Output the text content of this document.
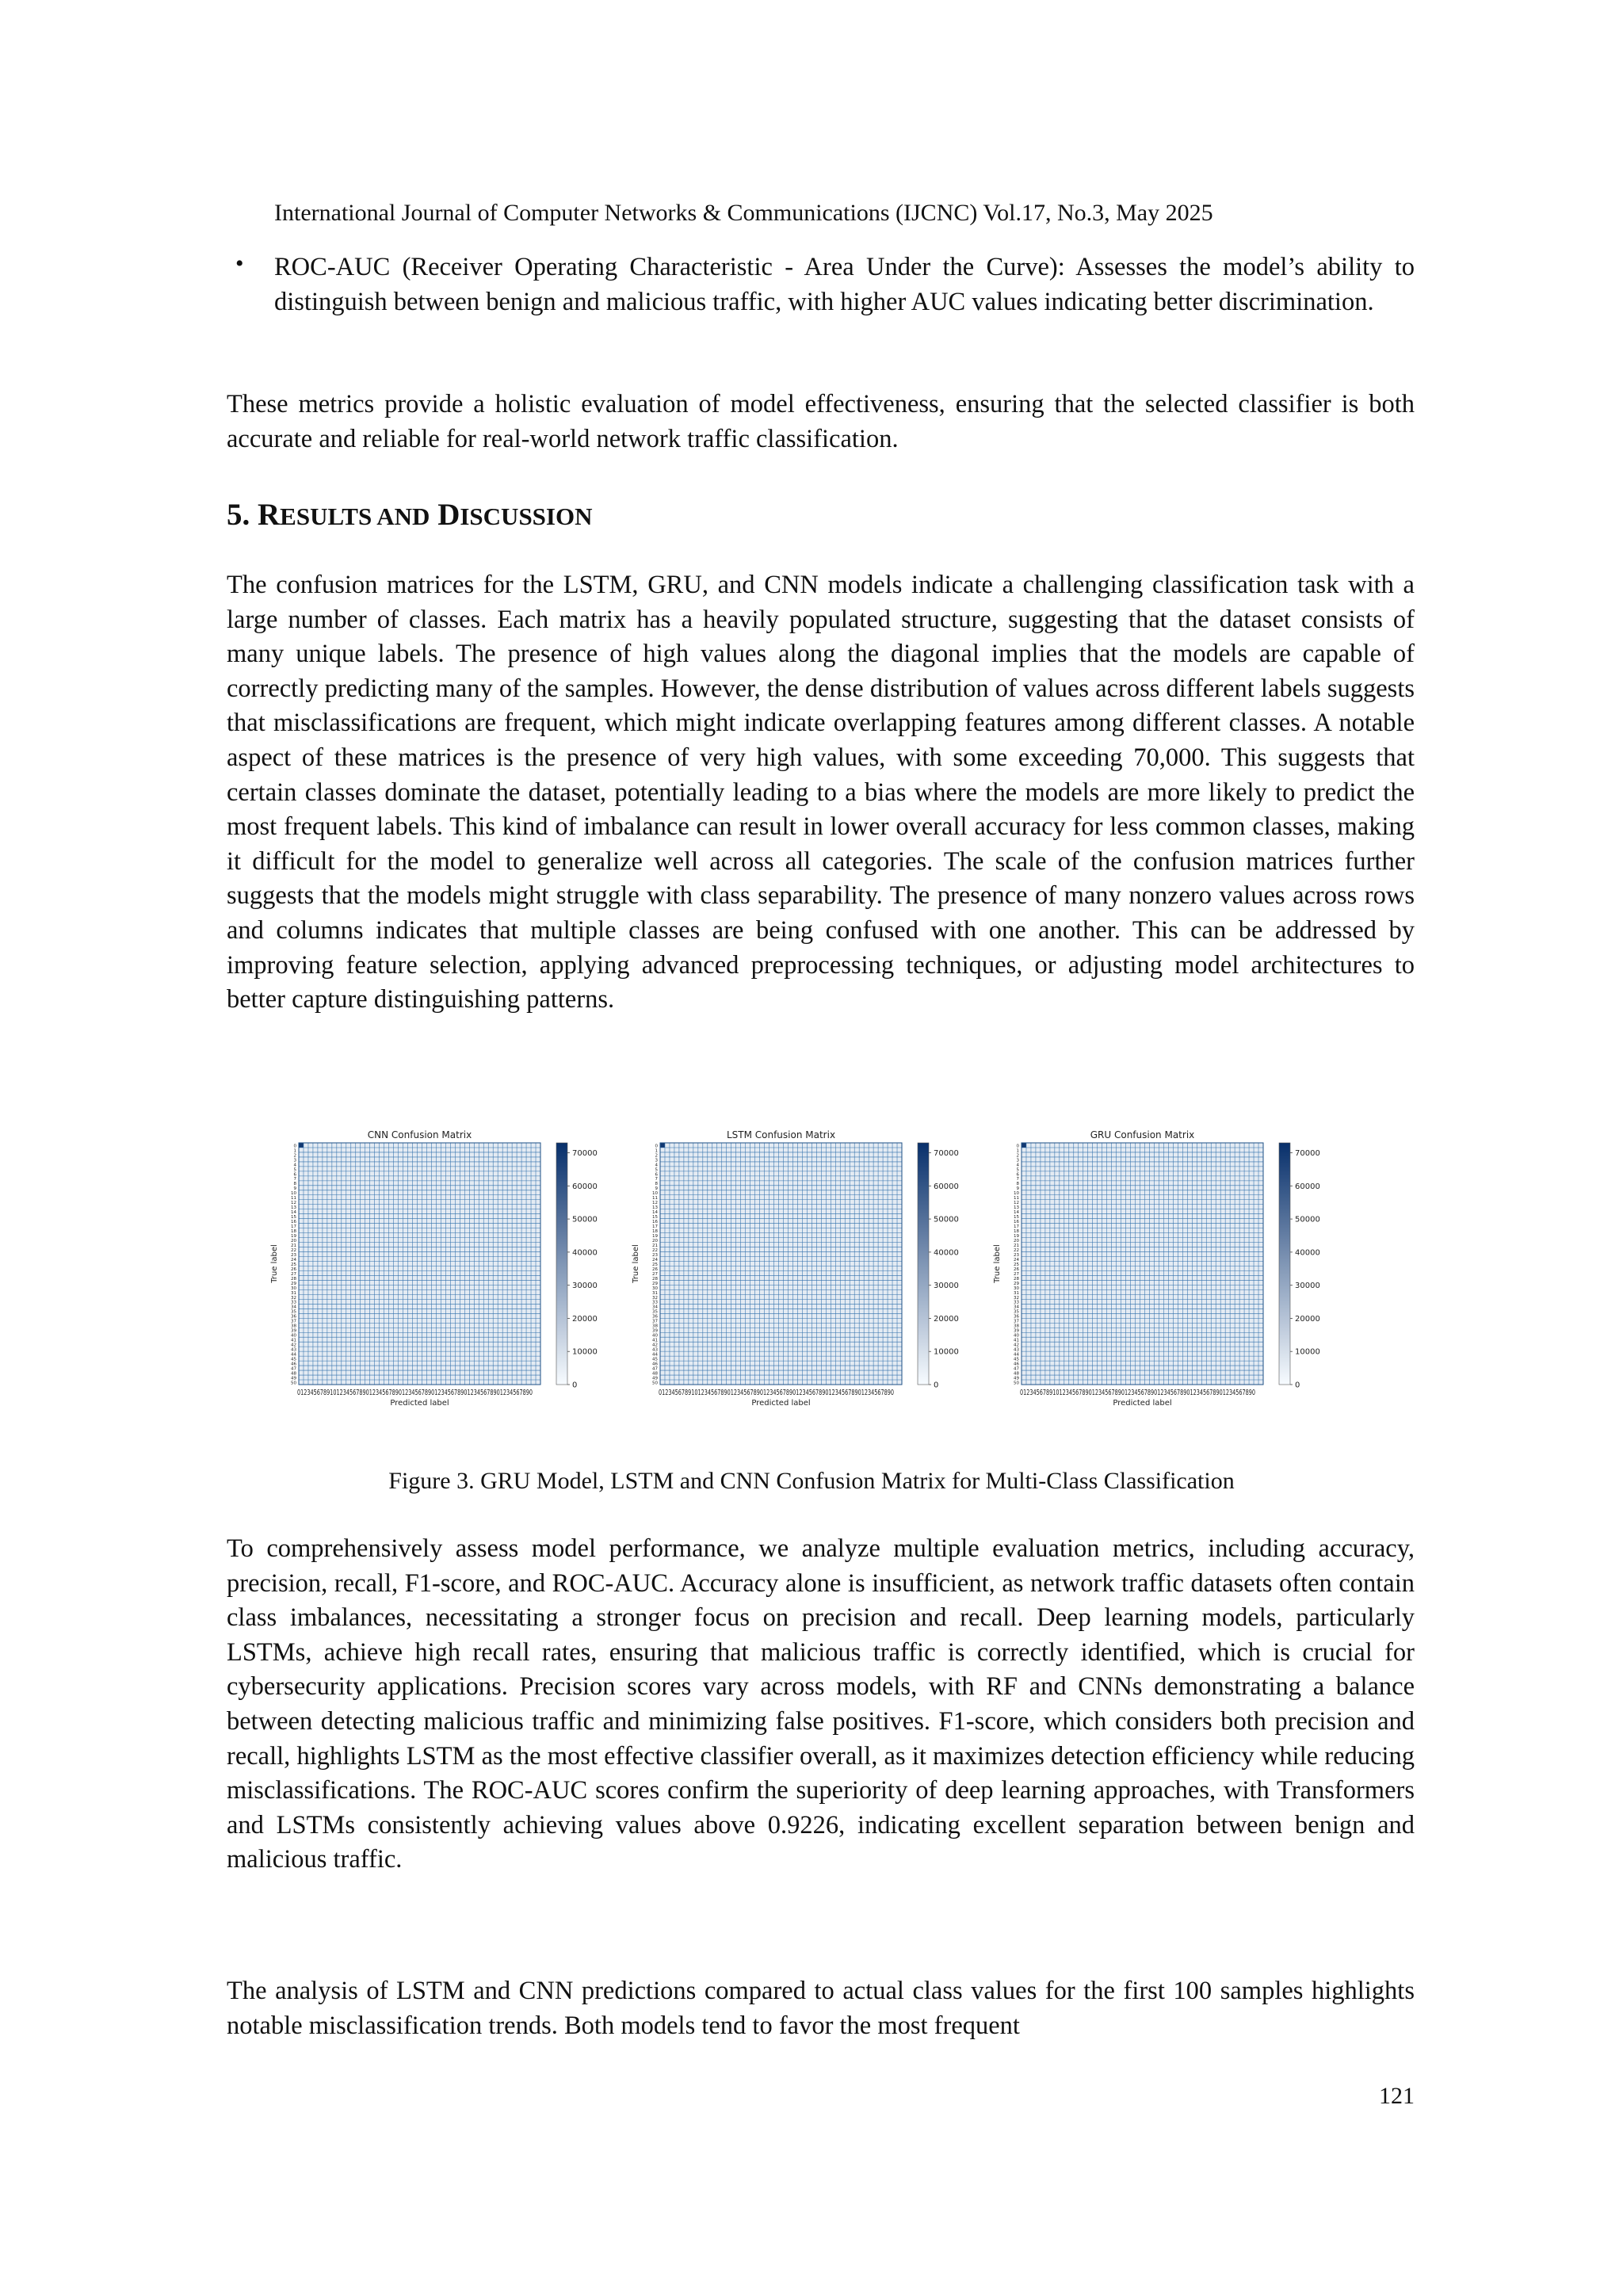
International Journal of Computer Networks & Communications (IJCNC) Vol.17, No.3, May 2025
• ROC-AUC (Receiver Operating Characteristic - Area Under the Curve): Assesses the model’s ability to distinguish between benign and malicious traffic, with higher AUC values indicating better discrimination.
These metrics provide a holistic evaluation of model effectiveness, ensuring that the selected classifier is both accurate and reliable for real-world network traffic classification.
5. RESULTS AND DISCUSSION
The confusion matrices for the LSTM, GRU, and CNN models indicate a challenging classification task with a large number of classes. Each matrix has a heavily populated structure, suggesting that the dataset consists of many unique labels. The presence of high values along the diagonal implies that the models are capable of correctly predicting many of the samples. However, the dense distribution of values across different labels suggests that misclassifications are frequent, which might indicate overlapping features among different classes. A notable aspect of these matrices is the presence of very high values, with some exceeding 70,000. This suggests that certain classes dominate the dataset, potentially leading to a bias where the models are more likely to predict the most frequent labels. This kind of imbalance can result in lower overall accuracy for less common classes, making it difficult for the model to generalize well across all categories. The scale of the confusion matrices further suggests that the models might struggle with class separability. The presence of many nonzero values across rows and columns indicates that multiple classes are being confused with one another. This can be addressed by improving feature selection, applying advanced preprocessing techniques, or adjusting model architectures to better capture distinguishing patterns.
CNN Confusion Matrix
0
1
2
3
4
5
6
7
8
9
10
11
12
13
14
15
16
17
18
19
20
21
22
23
24
25
26
27
28
29
30
31
32
33
34
35
36
37
38
39
40
41
42
43
44
45
46
47
48
49
50
012345678910123456789012345678901234567890123456789012345678901234567890
Predicted label
True label
0
10000
20000
30000
40000
50000
60000
70000
LSTM Confusion Matrix
0
1
2
3
4
5
6
7
8
9
10
11
12
13
14
15
16
17
18
19
20
21
22
23
24
25
26
27
28
29
30
31
32
33
34
35
36
37
38
39
40
41
42
43
44
45
46
47
48
49
50
012345678910123456789012345678901234567890123456789012345678901234567890
Predicted label
True label
0
10000
20000
30000
40000
50000
60000
70000
GRU Confusion Matrix
0
1
2
3
4
5
6
7
8
9
10
11
12
13
14
15
16
17
18
19
20
21
22
23
24
25
26
27
28
29
30
31
32
33
34
35
36
37
38
39
40
41
42
43
44
45
46
47
48
49
50
012345678910123456789012345678901234567890123456789012345678901234567890
Predicted label
True label
0
10000
20000
30000
40000
50000
60000
70000
Figure 3. GRU Model, LSTM and CNN Confusion Matrix for Multi-Class Classification
To comprehensively assess model performance, we analyze multiple evaluation metrics, including accuracy, precision, recall, F1-score, and ROC-AUC. Accuracy alone is insufficient, as network traffic datasets often contain class imbalances, necessitating a stronger focus on precision and recall. Deep learning models, particularly LSTMs, achieve high recall rates, ensuring that malicious traffic is correctly identified, which is crucial for cybersecurity applications. Precision scores vary across models, with RF and CNNs demonstrating a balance between detecting malicious traffic and minimizing false positives. F1-score, which considers both precision and recall, highlights LSTM as the most effective classifier overall, as it maximizes detection efficiency while reducing misclassifications. The ROC-AUC scores confirm the superiority of deep learning approaches, with Transformers and LSTMs consistently achieving values above 0.9226, indicating excellent separation between benign and malicious traffic.
The analysis of LSTM and CNN predictions compared to actual class values for the first 100 samples highlights notable misclassification trends. Both models tend to favor the most frequent
121
